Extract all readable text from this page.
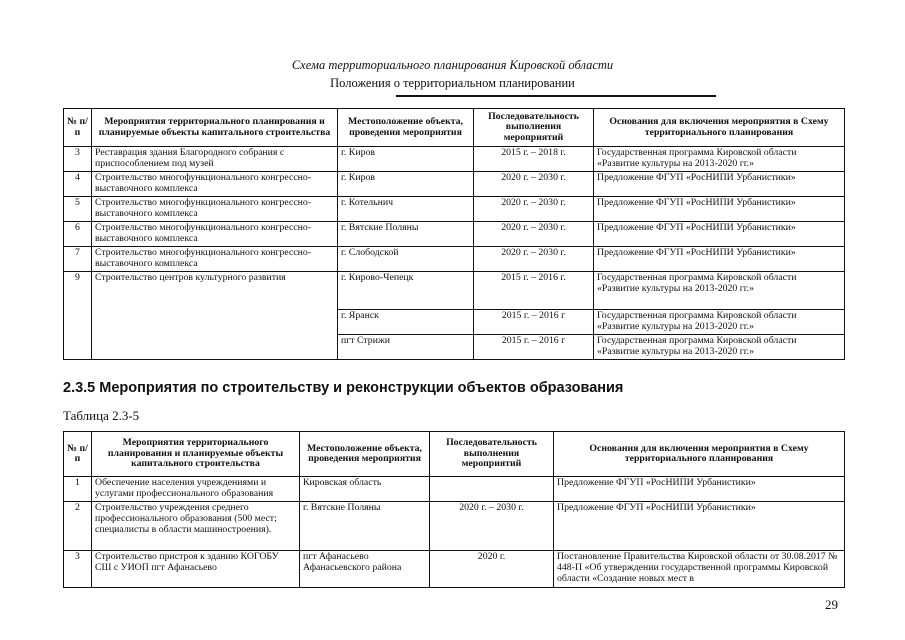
Схема территориального планирования Кировской области
Положения о территориальном планировании
№ п/п	Мероприятия территориального планирования и планируемые объекты капитального строительства	Местоположение объекта, проведения мероприятия	Последовательность выполнения мероприятий	Основания для включения мероприятия в Схему территориального планирования
3	Реставрация здания Благородного собрания с приспособлением под музей	г. Киров	2015 г. – 2018 г.	Государственная программа Кировской области «Развитие культуры на 2013-2020 гг.»
4	Строительство многофункционального конгрессно-выставочного комплекса	г. Киров	2020 г. – 2030 г.	Предложение ФГУП «РосНИПИ Урбанистики»
5	Строительство многофункционального конгрессно-выставочного комплекса	г. Котельнич	2020 г. – 2030 г.	Предложение ФГУП «РосНИПИ Урбанистики»
6	Строительство многофункционального конгрессно-выставочного комплекса	г. Вятские Поляны	2020 г. – 2030 г.	Предложение ФГУП «РосНИПИ Урбанистики»
7	Строительство многофункционального конгрессно-выставочного комплекса	г. Слободской	2020 г. – 2030 г.	Предложение ФГУП «РосНИПИ Урбанистики»
9	Строительство центров культурного развития	г. Кирово-Чепецк	2015 г. – 2016 г.	Государственная программа Кировской области «Развитие культуры на 2013-2020 гг.»
		г. Яранск	2015 г. – 2016 г	Государственная программа Кировской области «Развитие культуры на 2013-2020 гг.»
		пгт Стрижи	2015 г. – 2016 г	Государственная программа Кировской области «Развитие культуры на 2013-2020 гг.»
2.3.5 Мероприятия по строительству и реконструкции объектов образования
Таблица 2.3-5
№ п/п	Мероприятия территориального планирования и планируемые объекты капитального строительства	Местоположение объекта, проведения мероприятия	Последовательность выполнения мероприятий	Основания для включения мероприятия в Схему территориального планирования
1	Обеспечение населения учреждениями и услугами профессионального образования	Кировская область		Предложение ФГУП «РосНИПИ Урбанистики»
2	Строительство учреждения среднего профессионального образования (500 мест; специалисты в области машиностроения).	г. Вятские Поляны	2020 г. – 2030 г.	Предложение ФГУП «РосНИПИ Урбанистики»
3	Строительство пристроя к зданию КОГОБУ СШ с УИОП пгт Афанасьево	пгт Афанасьево Афанасьевского района	2020 г.	Постановление Правительства Кировской области от 30.08.2017 № 448-П «Об утверждении государственной программы Кировской области «Создание новых мест в
29
